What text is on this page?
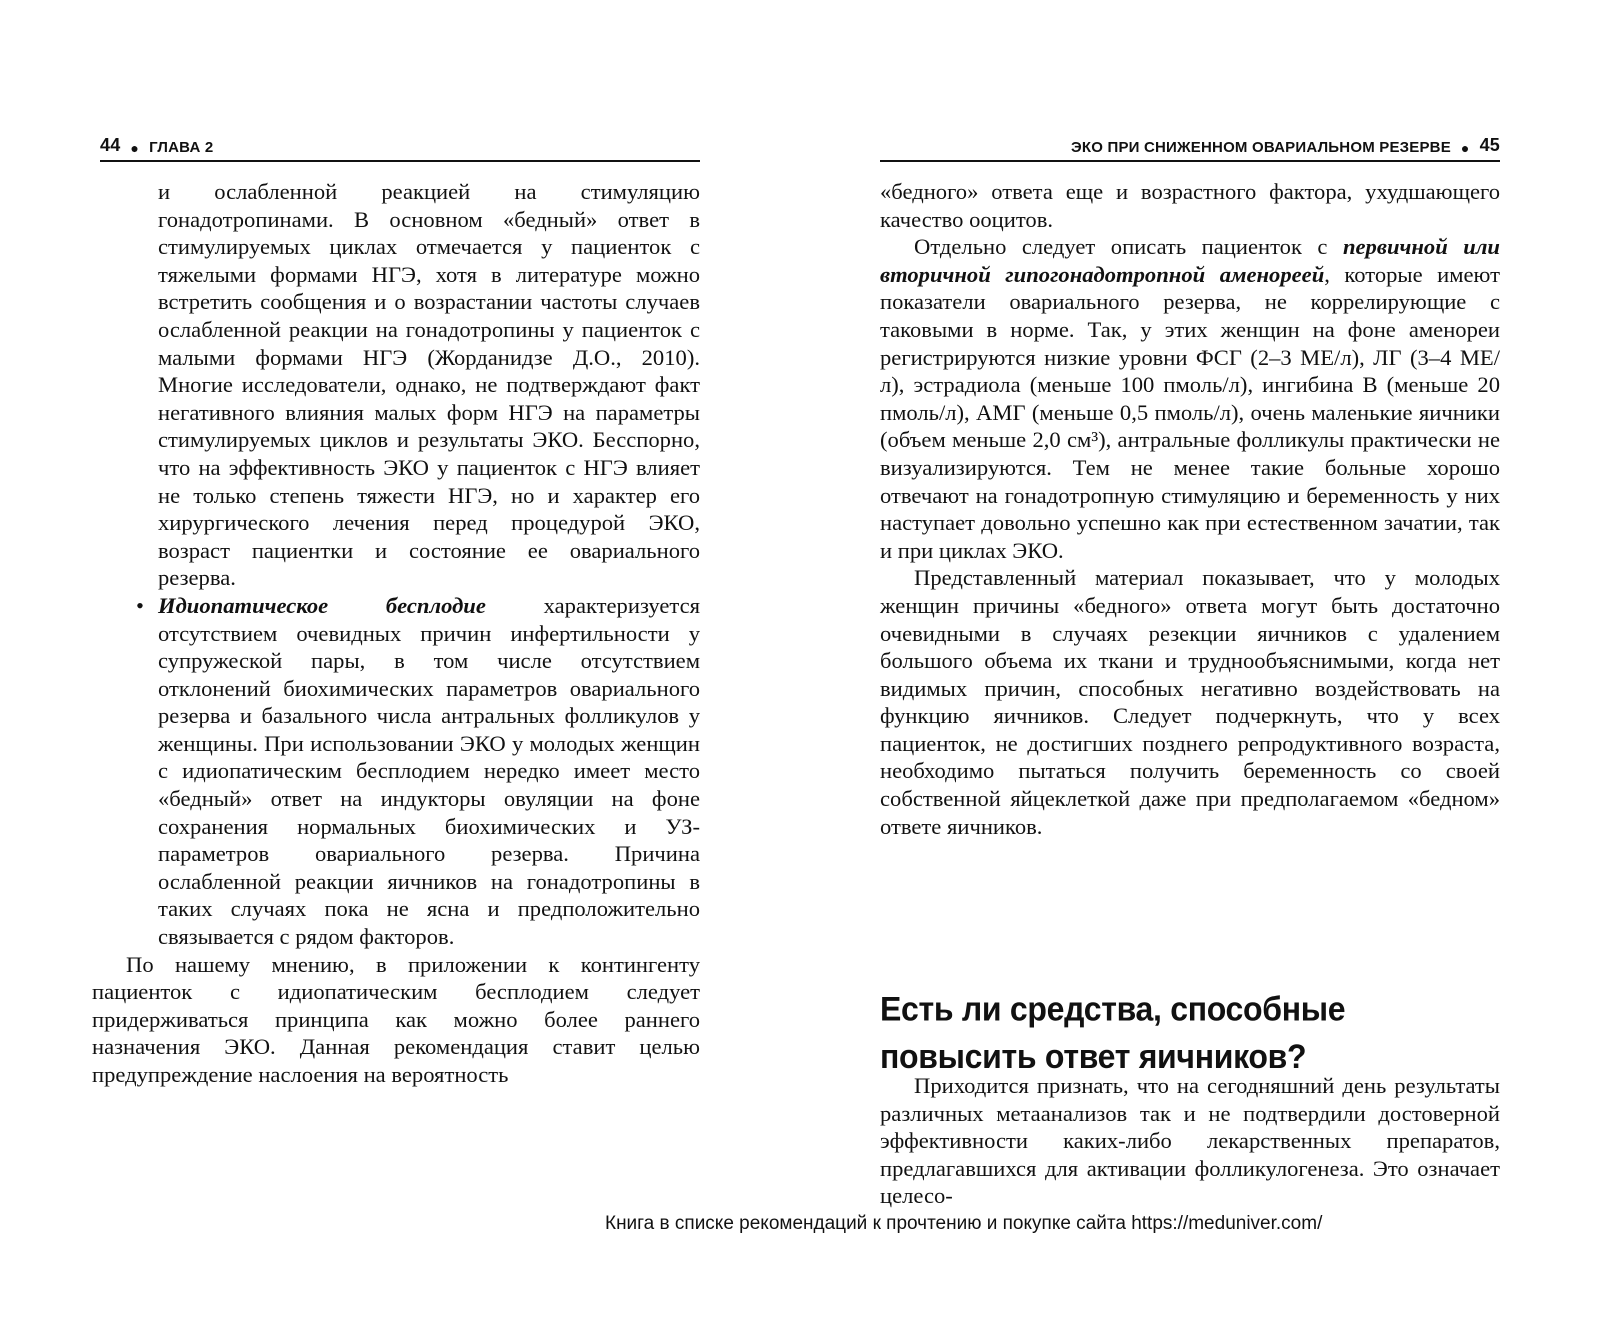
44 ● ГЛАВА 2

и ослабленной реакцией на стимуляцию гонадотропинами. В основном «бедный» ответ в стимулируемых циклах отмечается у пациенток с тяжелыми формами НГЭ, хотя в литературе можно встретить сообщения и о возрастании частоты случаев ослабленной реакции на гонадотропины у пациенток с малыми формами НГЭ (Жорданидзе Д.О., 2010). Многие исследователи, однако, не подтверждают факт негативного влияния малых форм НГЭ на параметры стимулируемых циклов и результаты ЭКО. Бесспорно, что на эффективность ЭКО у пациенток с НГЭ влияет не только степень тяжести НГЭ, но и характер его хирургического лечения перед процедурой ЭКО, возраст пациентки и состояние ее овариального резерва.

• Идиопатическое бесплодие характеризуется отсутствием очевидных причин инфертильности у супружеской пары, в том числе отсутствием отклонений биохимических параметров овариального резерва и базального числа антральных фолликулов у женщины. При использовании ЭКО у молодых женщин с идиопатическим бесплодием нередко имеет место «бедный» ответ на индукторы овуляции на фоне сохранения нормальных биохимических и УЗ-параметров овариального резерва. Причина ослабленной реакции яичников на гонадотропины в таких случаях пока не ясна и предположительно связывается с рядом факторов.

По нашему мнению, в приложении к контингенту пациенток с идиопатическим бесплодием следует придерживаться принципа как можно более раннего назначения ЭКО. Данная рекомендация ставит целью предупреждение наслоения на вероятность

ЭКО ПРИ СНИЖЕННОМ ОВАРИАЛЬНОМ РЕЗЕРВЕ ● 45

«бедного» ответа еще и возрастного фактора, ухудшающего качество ооцитов.

Отдельно следует описать пациенток с первичной или вторичной гипогонадотропной аменореей, которые имеют показатели овариального резерва, не коррелирующие с таковыми в норме. Так, у этих женщин на фоне аменореи регистрируются низкие уровни ФСГ (2–3 МЕ/л), ЛГ (3–4 МЕ/л), эстрадиола (меньше 100 пмоль/л), ингибина В (меньше 20 пмоль/л), АМГ (меньше 0,5 пмоль/л), очень маленькие яичники (объем меньше 2,0 см³), антральные фолликулы практически не визуализируются. Тем не менее такие больные хорошо отвечают на гонадотропную стимуляцию и беременность у них наступает довольно успешно как при естественном зачатии, так и при циклах ЭКО.

Представленный материал показывает, что у молодых женщин причины «бедного» ответа могут быть достаточно очевидными в случаях резекции яичников с удалением большого объема их ткани и труднообъяснимыми, когда нет видимых причин, способных негативно воздействовать на функцию яичников. Следует подчеркнуть, что у всех пациенток, не достигших позднего репродуктивного возраста, необходимо пытаться получить беременность со своей собственной яйцеклеткой даже при предполагаемом «бедном» ответе яичников.

Есть ли средства, способные
повысить ответ яичников?

Приходится признать, что на сегодняшний день результаты различных метаанализов так и не подтвердили достоверной эффективности каких-либо лекарственных препаратов, предлагавшихся для активации фолликулогенеза. Это означает целесо-

Книга в списке рекомендаций к прочтению и покупке сайта https://meduniver.com/
